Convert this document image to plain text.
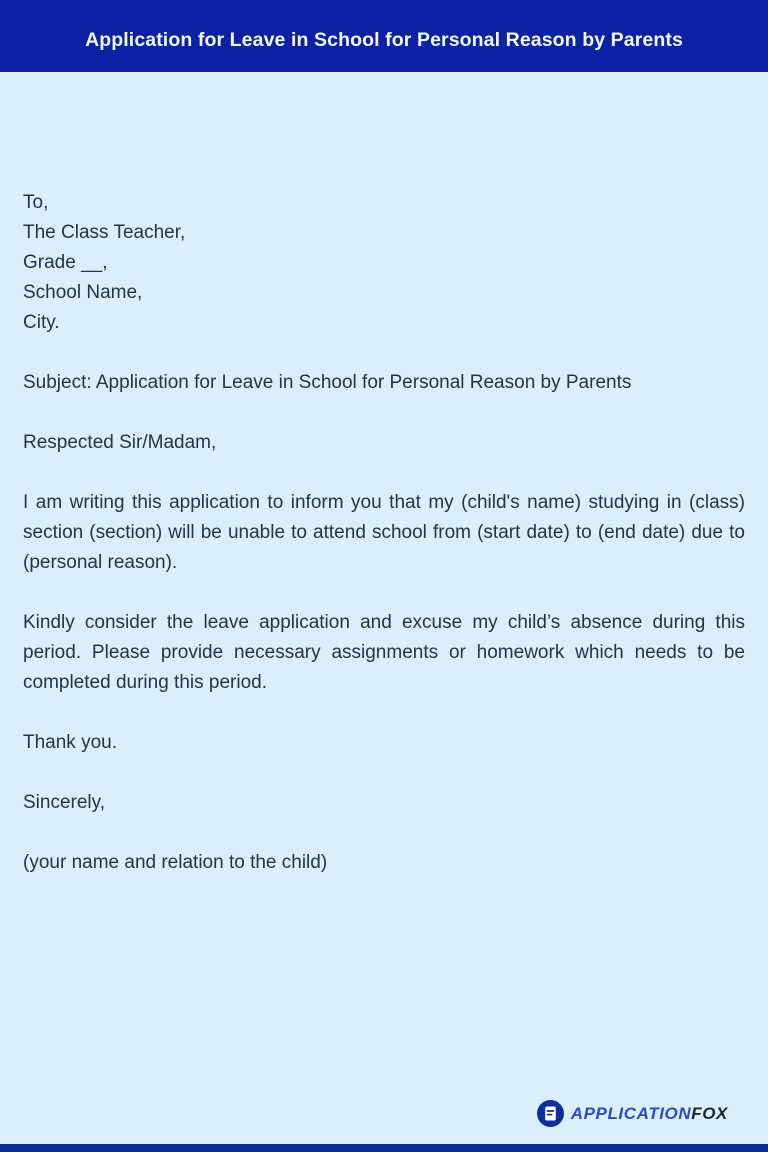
Application for Leave in School for Personal Reason by Parents

To,

The Class Teacher,

Grade __,

School Name,

City.

Subject: Application for Leave in School for Personal Reason by Parents

Respected Sir/Madam,

I am writing this application to inform you that my (child's name) studying in (class) section (section) will be unable to attend school from (start date) to (end date) due to (personal reason).

Kindly consider the leave application and excuse my child’s absence during this period. Please provide necessary assignments or homework which needs to be completed during this period.

Thank you.

Sincerely,

(your name and relation to the child)

APPLICATIONFOX
